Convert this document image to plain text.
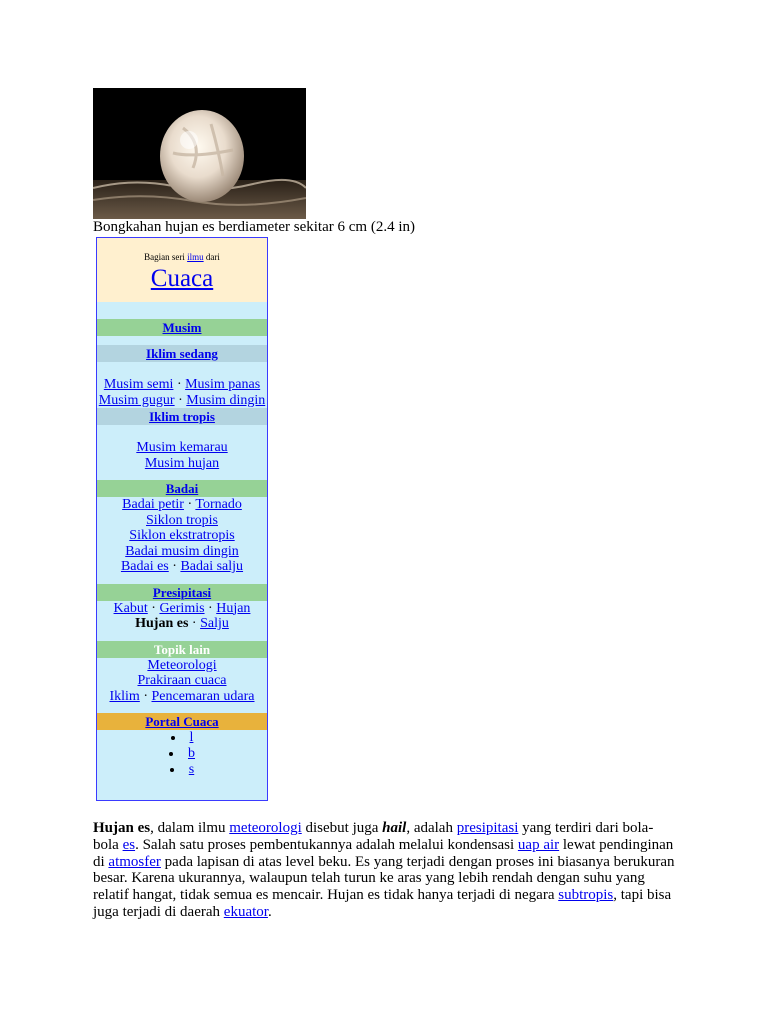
Bongkahan hujan es berdiameter sekitar 6 cm (2.4 in)
Bagian seri ilmu dari
Cuaca
Musim
Iklim sedang
Musim semi · Musim panas
Musim gugur · Musim dingin
Iklim tropis
Musim kemarau
Musim hujan
Badai
Badai petir · Tornado
Siklon tropis
Siklon ekstratropis
Badai musim dingin
Badai es · Badai salju
Presipitasi
Kabut · Gerimis · Hujan
Hujan es · Salju
Topik lain
Meteorologi
Prakiraan cuaca
Iklim · Pencemaran udara
Portal Cuaca
• l
• b
• s
Hujan es, dalam ilmu meteorologi disebut juga hail, adalah presipitasi yang terdiri dari bola-bola es. Salah satu proses pembentukannya adalah melalui kondensasi uap air lewat pendinginan di atmosfer pada lapisan di atas level beku. Es yang terjadi dengan proses ini biasanya berukuran besar. Karena ukurannya, walaupun telah turun ke aras yang lebih rendah dengan suhu yang relatif hangat, tidak semua es mencair. Hujan es tidak hanya terjadi di negara subtropis, tapi bisa juga terjadi di daerah ekuator.
